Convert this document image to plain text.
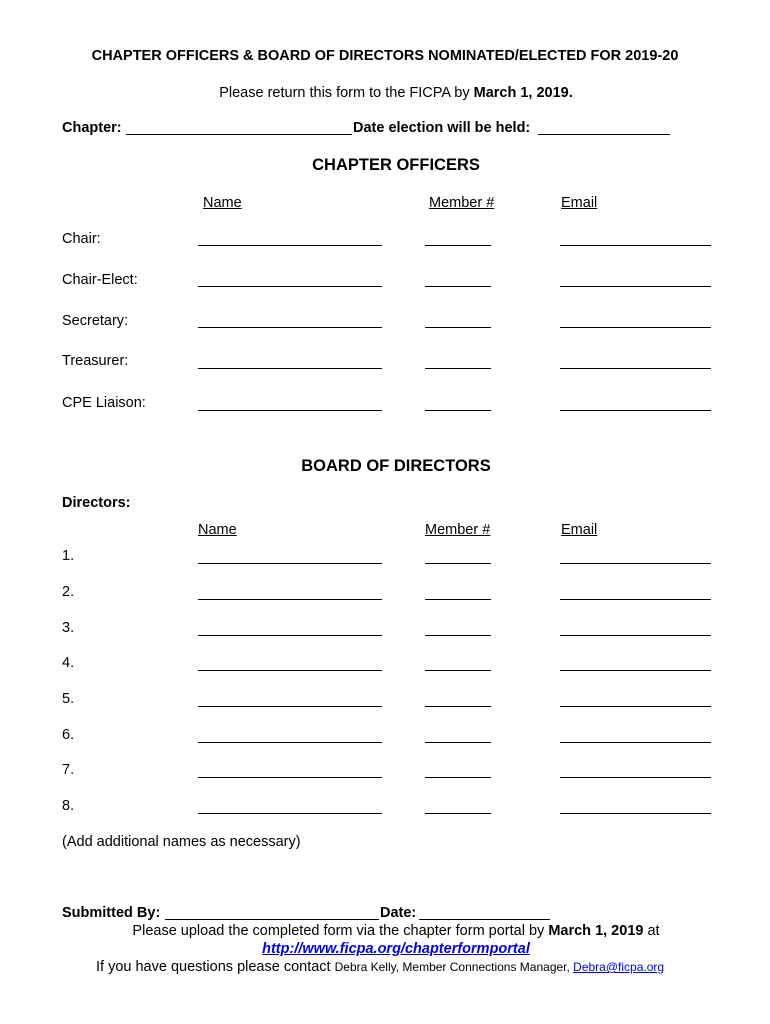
CHAPTER OFFICERS & BOARD OF DIRECTORS NOMINATED/ELECTED FOR 2019-20
Please return this form to the FICPA by March 1, 2019.
Chapter:	Date election will be held:
CHAPTER OFFICERS
Name	Member #	Email
Chair:
Chair-Elect:
Secretary:
Treasurer:
CPE Liaison:
BOARD OF DIRECTORS
Directors:
Name	Member #	Email
1.
2.
3.
4.
5.
6.
7.
8.
(Add additional names as necessary)
Submitted By:	Date:
Please upload the completed form via the chapter form portal by March 1, 2019 at
http://www.ficpa.org/chapterformportal
If you have questions please contact Debra Kelly, Member Connections Manager, Debra@ficpa.org
